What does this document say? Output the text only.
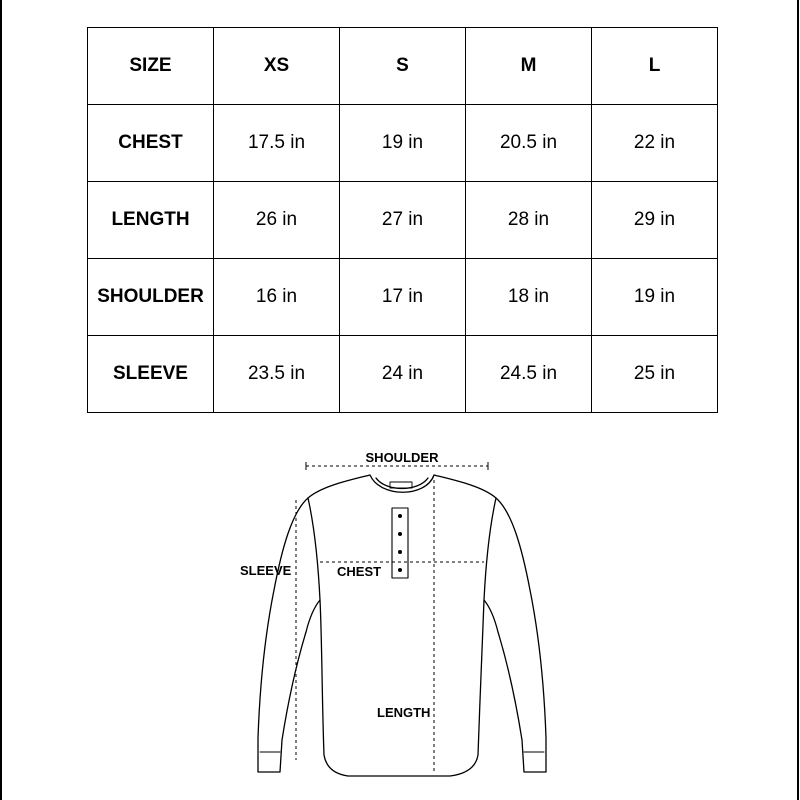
SIZE	XS	S	M	L
CHEST	17.5 in	19 in	20.5 in	22 in
LENGTH	26 in	27 in	28 in	29 in
SHOULDER	16 in	17 in	18 in	19 in
SLEEVE	23.5 in	24 in	24.5 in	25 in
SHOULDER
SLEEVE	CHEST
LENGTH
